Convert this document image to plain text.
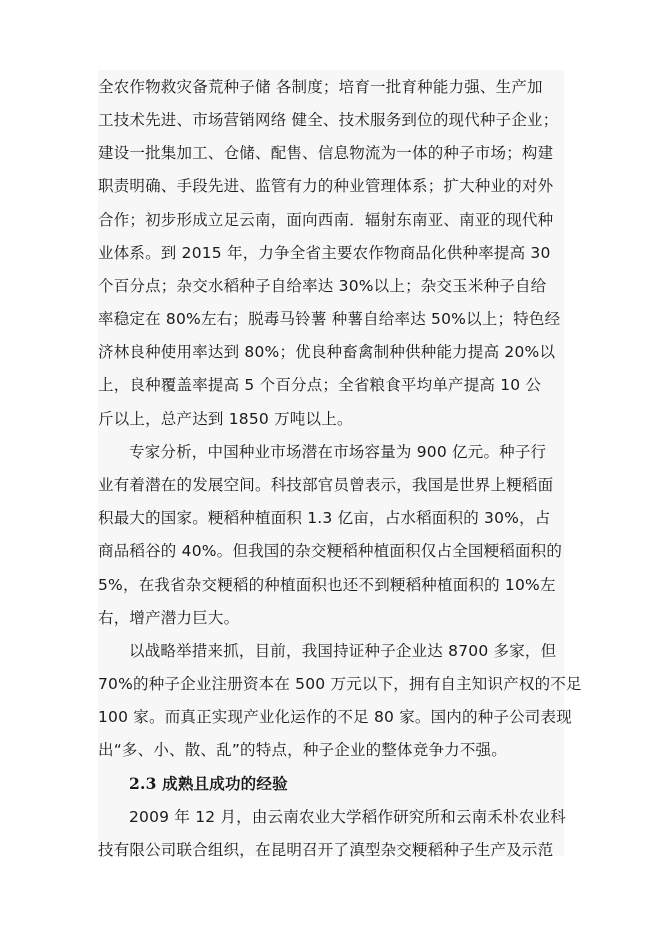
全农作物救灾备荒种子储 各制度；培育一批育种能力强、生产加
工技术先进、市场营销网络 健全、技术服务到位的现代种子企业；
建设一批集加工、仓储、配售、信息物流为一体的种子市场；构建
职责明确、手段先进、监管有力的种业管理体系；扩大种业的对外
合作；初步形成立足云南，面向西南．辐射东南亚、南亚的现代种
业体系。到 2015 年，力争全省主要农作物商品化供种率提高 30
个百分点；杂交水稻种子自给率达 30%以上；杂交玉米种子自给
率稳定在 80%左右；脱毒马铃薯 种薯自给率达 50%以上；特色经
济林良种使用率达到 80%；优良种畜禽制种供种能力提高 20%以
上，良种覆盖率提高 5 个百分点；全省粮食平均单产提高 10 公
斤以上，总产达到 1850 万吨以上。
专家分析，中国种业市场潜在市场容量为 900 亿元。种子行
业有着潜在的发展空间。科技部官员曾表示，我国是世界上粳稻面
积最大的国家。粳稻种植面积 1.3 亿亩，占水稻面积的 30%，占
商品稻谷的 40%。但我国的杂交粳稻种植面积仅占全国粳稻面积的
5%，在我省杂交粳稻的种植面积也还不到粳稻种植面积的 10%左
右，增产潜力巨大。
以战略举措来抓，目前，我国持证种子企业达 8700 多家，但
70%的种子企业注册资本在 500 万元以下，拥有自主知识产权的不足
100 家。而真正实现产业化运作的不足 80 家。国内的种子公司表现
出“多、小、散、乱”的特点，种子企业的整体竞争力不强。
2.3 成熟且成功的经验
2009 年 12 月，由云南农业大学稻作研究所和云南禾朴农业科
技有限公司联合组织，在昆明召开了滇型杂交粳稻种子生产及示范
